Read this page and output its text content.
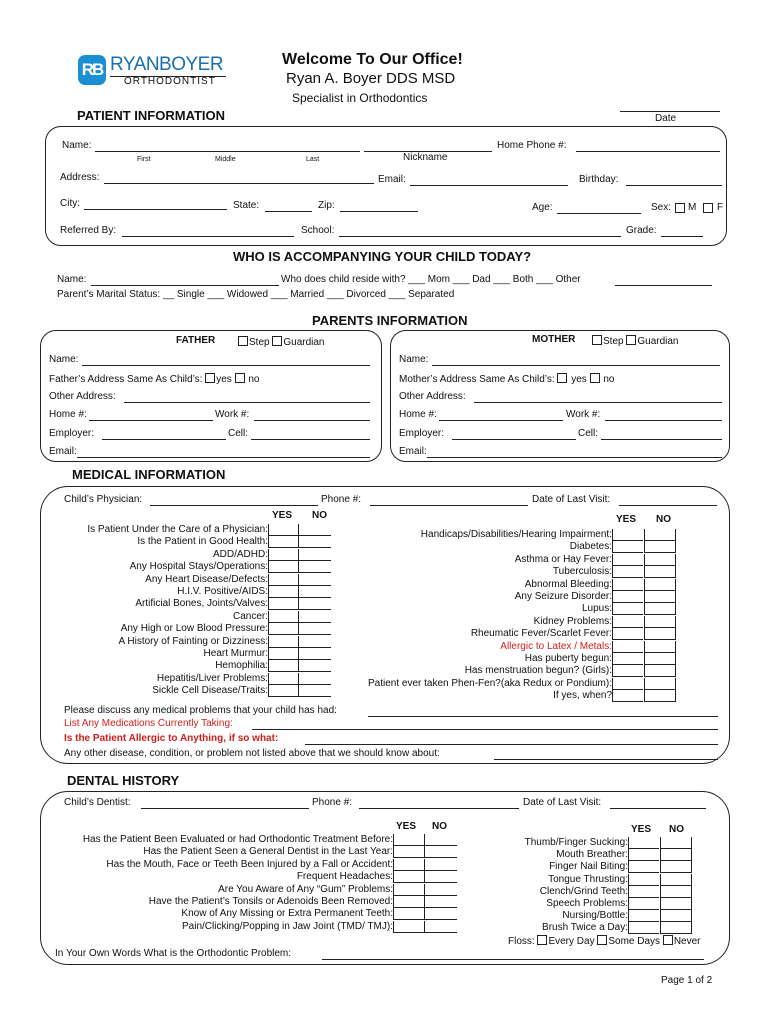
RB RYANBOYER
ORTHODONTIST
Welcome To Our Office!
Ryan A. Boyer DDS MSD
Specialist in Orthodontics
Date
PATIENT INFORMATION
Name:	Home Phone #:
First	Middle	Last	Nickname
Address:	Email:	Birthday:
City:	State:	Zip:	Age:	Sex: M F
Referred By:	School:	Grade:
WHO IS ACCOMPANYING YOUR CHILD TODAY?
Name:	Who does child reside with? ___ Mom ___ Dad ___ Both ___ Other
Parent’s Marital Status: __ Single ___ Widowed ___ Married ___ Divorced ___ Separated
PARENTS INFORMATION
FATHER	Step Guardian	MOTHER	Step Guardian
Name:
Father’s Address Same As Child’s: yes no
Other Address:
Home #:	Work #:
Employer:	Cell:
Email:
Name:
Mother’s Address Same As Child’s: yes no
Other Address:
Home #:	Work #:
Employer:	Cell:
Email:
MEDICAL INFORMATION
Child’s Physician:	Phone #:	Date of Last Visit:
YES NO	YES NO
Is Patient Under the Care of a Physician:
Is the Patient in Good Health:
ADD/ADHD:
Any Hospital Stays/Operations:
Any Heart Disease/Defects:
H.I.V. Positive/AIDS:
Artificial Bones, Joints/Valves:
Cancer:
Any High or Low Blood Pressure:
A History of Fainting or Dizziness:
Heart Murmur:
Hemophilia:
Hepatitis/Liver Problems:
Sickle Cell Disease/Traits:
Handicaps/Disabilities/Hearing Impairment:
Diabetes:
Asthma or Hay Fever:
Tuberculosis:
Abnormal Bleeding:
Any Seizure Disorder:
Lupus:
Kidney Problems:
Rheumatic Fever/Scarlet Fever:
Allergic to Latex / Metals:
Has puberty begun:
Has menstruation begun? (Girls):
Patient ever taken Phen-Fen?(aka Redux or Pondium):
If yes, when?
Please discuss any medical problems that your child has had:
List Any Medications Currently Taking:
Is the Patient Allergic to Anything, if so what:
Any other disease, condition, or problem not listed above that we should know about:
DENTAL HISTORY
Child’s Dentist:	Phone #:	Date of Last Visit:
YES NO	YES NO
Has the Patient Been Evaluated or had Orthodontic Treatment Before:
Has the Patient Seen a General Dentist in the Last Year:
Has the Mouth, Face or Teeth Been Injured by a Fall or Accident:
Frequent Headaches:
Are You Aware of Any “Gum” Problems:
Have the Patient’s Tonsils or Adenoids Been Removed:
Know of Any Missing or Extra Permanent Teeth:
Pain/Clicking/Popping in Jaw Joint (TMD/ TMJ):
Thumb/Finger Sucking:
Mouth Breather:
Finger Nail Biting:
Tongue Thrusting:
Clench/Grind Teeth:
Speech Problems:
Nursing/Bottle:
Brush Twice a Day:
Floss: Every Day Some Days Never
In Your Own Words What is the Orthodontic Problem:
Page 1 of 2
